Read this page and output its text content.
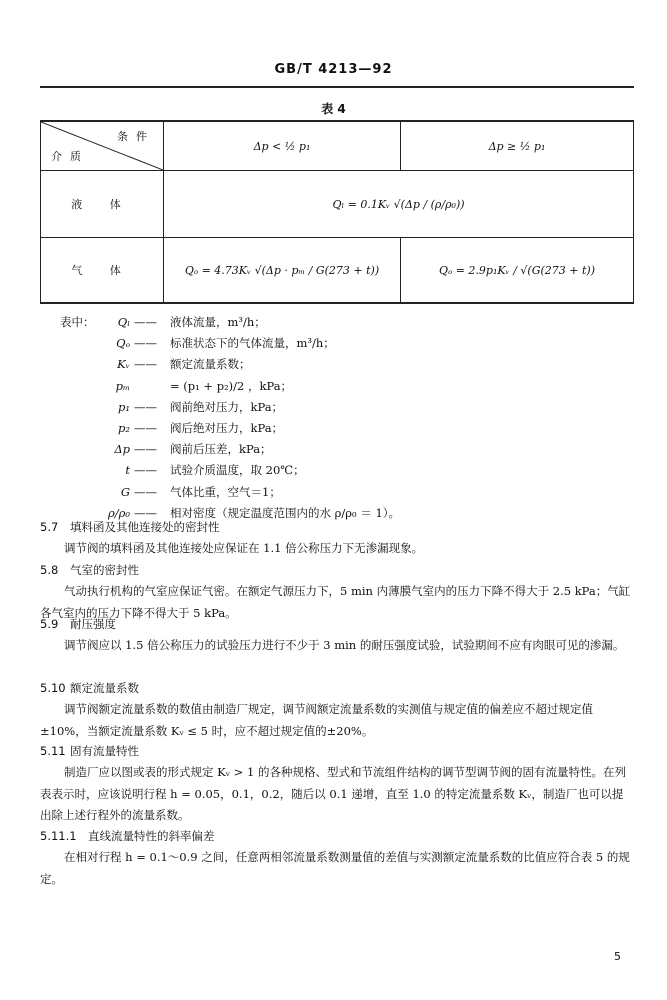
GB/T 4213—92
表 4
条件
介质	Δp < ½ p₁	Δp ≥ ½ p₁
液 体	Qₗ = 0.1Kᵥ √(Δp / (ρ/ρ₀))	
气 体	Qₒ = 4.73Kᵥ √(Δp · pₘ / G(273 + t))	Qₒ = 2.9p₁Kᵥ / √(G(273 + t))
表中：	Qₗ ——	液体流量，m³/h；
Qₒ ——	标准状态下的气体流量，m³/h；
Kᵥ ——	额定流量系数；
pₘ	= (p₁ + p₂)/2 ，kPa；
p₁ ——	阀前绝对压力，kPa；
p₂ ——	阀后绝对压力，kPa；
Δp ——	阀前后压差，kPa；
t ——	试验介质温度，取 20℃；
G ——	气体比重，空气＝1；
ρ/ρ₀ ——	相对密度（规定温度范围内的水 ρ/ρ₀ ＝ 1）。
5.7 填料函及其他连接处的密封性

调节阀的填料函及其他连接处应保证在 1.1 倍公称压力下无渗漏现象。

5.8 气室的密封性

气动执行机构的气室应保证气密。在额定气源压力下，5 min 内薄膜气室内的压力下降不得大于 2.5 kPa；气缸各气室内的压力下降不得大于 5 kPa。

5.9 耐压强度

调节阀应以 1.5 倍公称压力的试验压力进行不少于 3 min 的耐压强度试验，试验期间不应有肉眼可见的渗漏。

5.10 额定流量系数

调节阀额定流量系数的数值由制造厂规定，调节阀额定流量系数的实测值与规定值的偏差应不超过规定值±10%，当额定流量系数 Kᵥ ≤ 5 时，应不超过规定值的±20%。

5.11 固有流量特性

制造厂应以图或表的形式规定 Kᵥ > 1 的各种规格、型式和节流组件结构的调节型调节阀的固有流量特性。在列表表示时，应该说明行程 h = 0.05，0.1，0.2，随后以 0.1 递增，直至 1.0 的特定流量系数 Kᵥ，制造厂也可以提出除上述行程外的流量系数。

5.11.1 直线流量特性的斜率偏差

在相对行程 h = 0.1～0.9 之间，任意两相邻流量系数测量值的差值与实测额定流量系数的比值应符合表 5 的规定。

5
